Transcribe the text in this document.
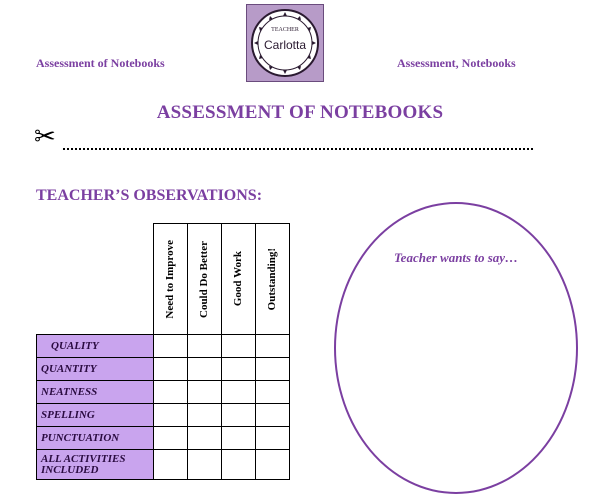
Assessment of Notebooks
TEACHER
Carlotta
Assessment, Notebooks
ASSESSMENT OF NOTEBOOKS
✂
TEACHER’S OBSERVATIONS:

	Need to Improve	Could Do Better	Good Work	Outstanding!

QUALITY				
QUANTITY				
NEATNESS				
SPELLING				
PUNCTUATION				
ALL ACTIVITIES INCLUDED				
Teacher wants to say…
